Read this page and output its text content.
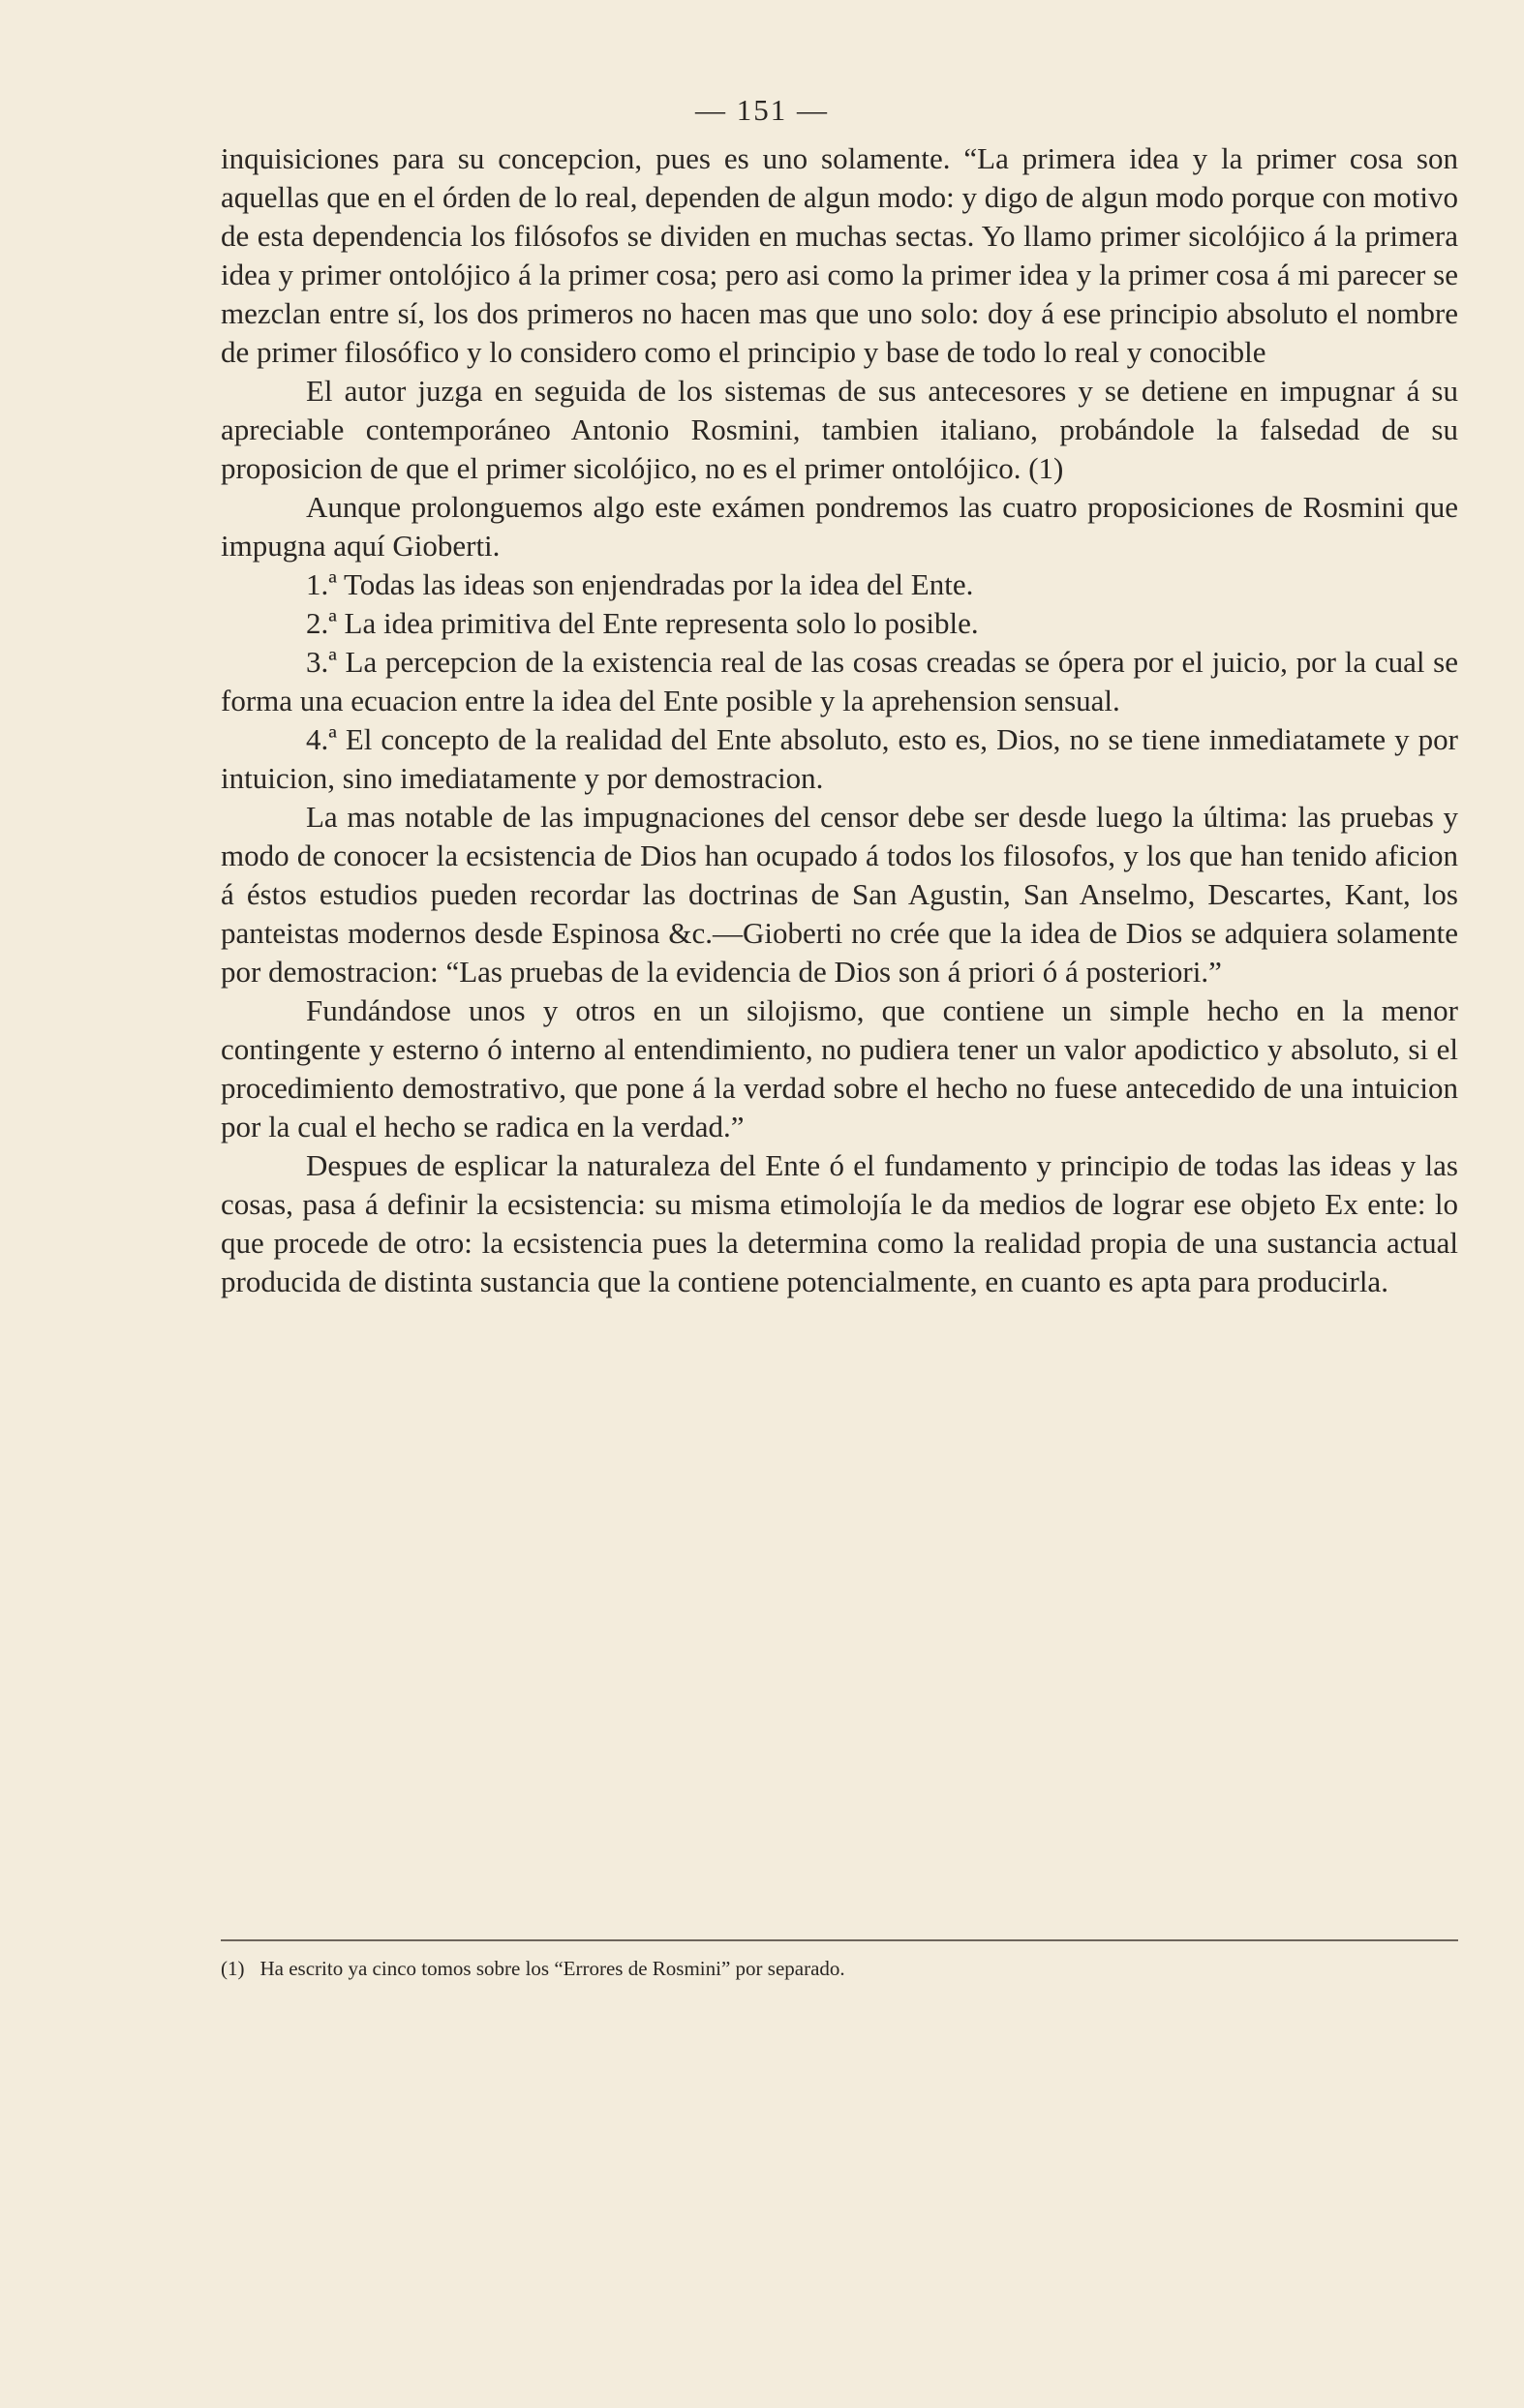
— 151 —

inquisiciones para su concepcion, pues es uno solamente. “La primera idea y la primer cosa son aquellas que en el órden de lo real, dependen de algun modo: y digo de algun modo porque con motivo de esta dependencia los filósofos se dividen en muchas sectas. Yo llamo primer sicolójico á la primera idea y primer ontolójico á la primer cosa; pero asi como la primer idea y la primer cosa á mi parecer se mezclan entre sí, los dos primeros no hacen mas que uno solo: doy á ese principio absoluto el nombre de primer filosófico y lo considero como el principio y base de todo lo real y conocible

El autor juzga en seguida de los sistemas de sus antecesores y se detiene en impugnar á su apreciable contemporáneo Antonio Rosmini, tambien italiano, probándole la falsedad de su proposicion de que el primer sicolójico, no es el primer ontolójico. (1)

Aunque prolonguemos algo este exámen pondremos las cuatro proposiciones de Rosmini que impugna aquí Gioberti.

1.ª Todas las ideas son enjendradas por la idea del Ente.

2.ª La idea primitiva del Ente representa solo lo posible.

3.ª La percepcion de la existencia real de las cosas creadas se ópera por el juicio, por la cual se forma una ecuacion entre la idea del Ente posible y la aprehension sensual.

4.ª El concepto de la realidad del Ente absoluto, esto es, Dios, no se tiene inmediatamete y por intuicion, sino imediatamente y por demostracion.

La mas notable de las impugnaciones del censor debe ser desde luego la última: las pruebas y modo de conocer la ecsistencia de Dios han ocupado á todos los filosofos, y los que han tenido aficion á éstos estudios pueden recordar las doctrinas de San Agustin, San Anselmo, Descartes, Kant, los panteistas modernos desde Espinosa &c.—Gioberti no crée que la idea de Dios se adquiera solamente por demostracion: “Las pruebas de la evidencia de Dios son á priori ó á posteriori.”

Fundándose unos y otros en un silojismo, que contiene un simple hecho en la menor contingente y esterno ó interno al entendimiento, no pudiera tener un valor apodictico y absoluto, si el procedimiento demostrativo, que pone á la verdad sobre el hecho no fuese antecedido de una intuicion por la cual el hecho se radica en la verdad.”

Despues de esplicar la naturaleza del Ente ó el fundamento y principio de todas las ideas y las cosas, pasa á definir la ecsistencia: su misma etimolojía le da medios de lograr ese objeto Ex ente: lo que procede de otro: la ecsistencia pues la determina como la realidad propia de una sustancia actual producida de distinta sustancia que la contiene potencialmente, en cuanto es apta para producirla.

(1) Ha escrito ya cinco tomos sobre los “Errores de Rosmini” por separado.
